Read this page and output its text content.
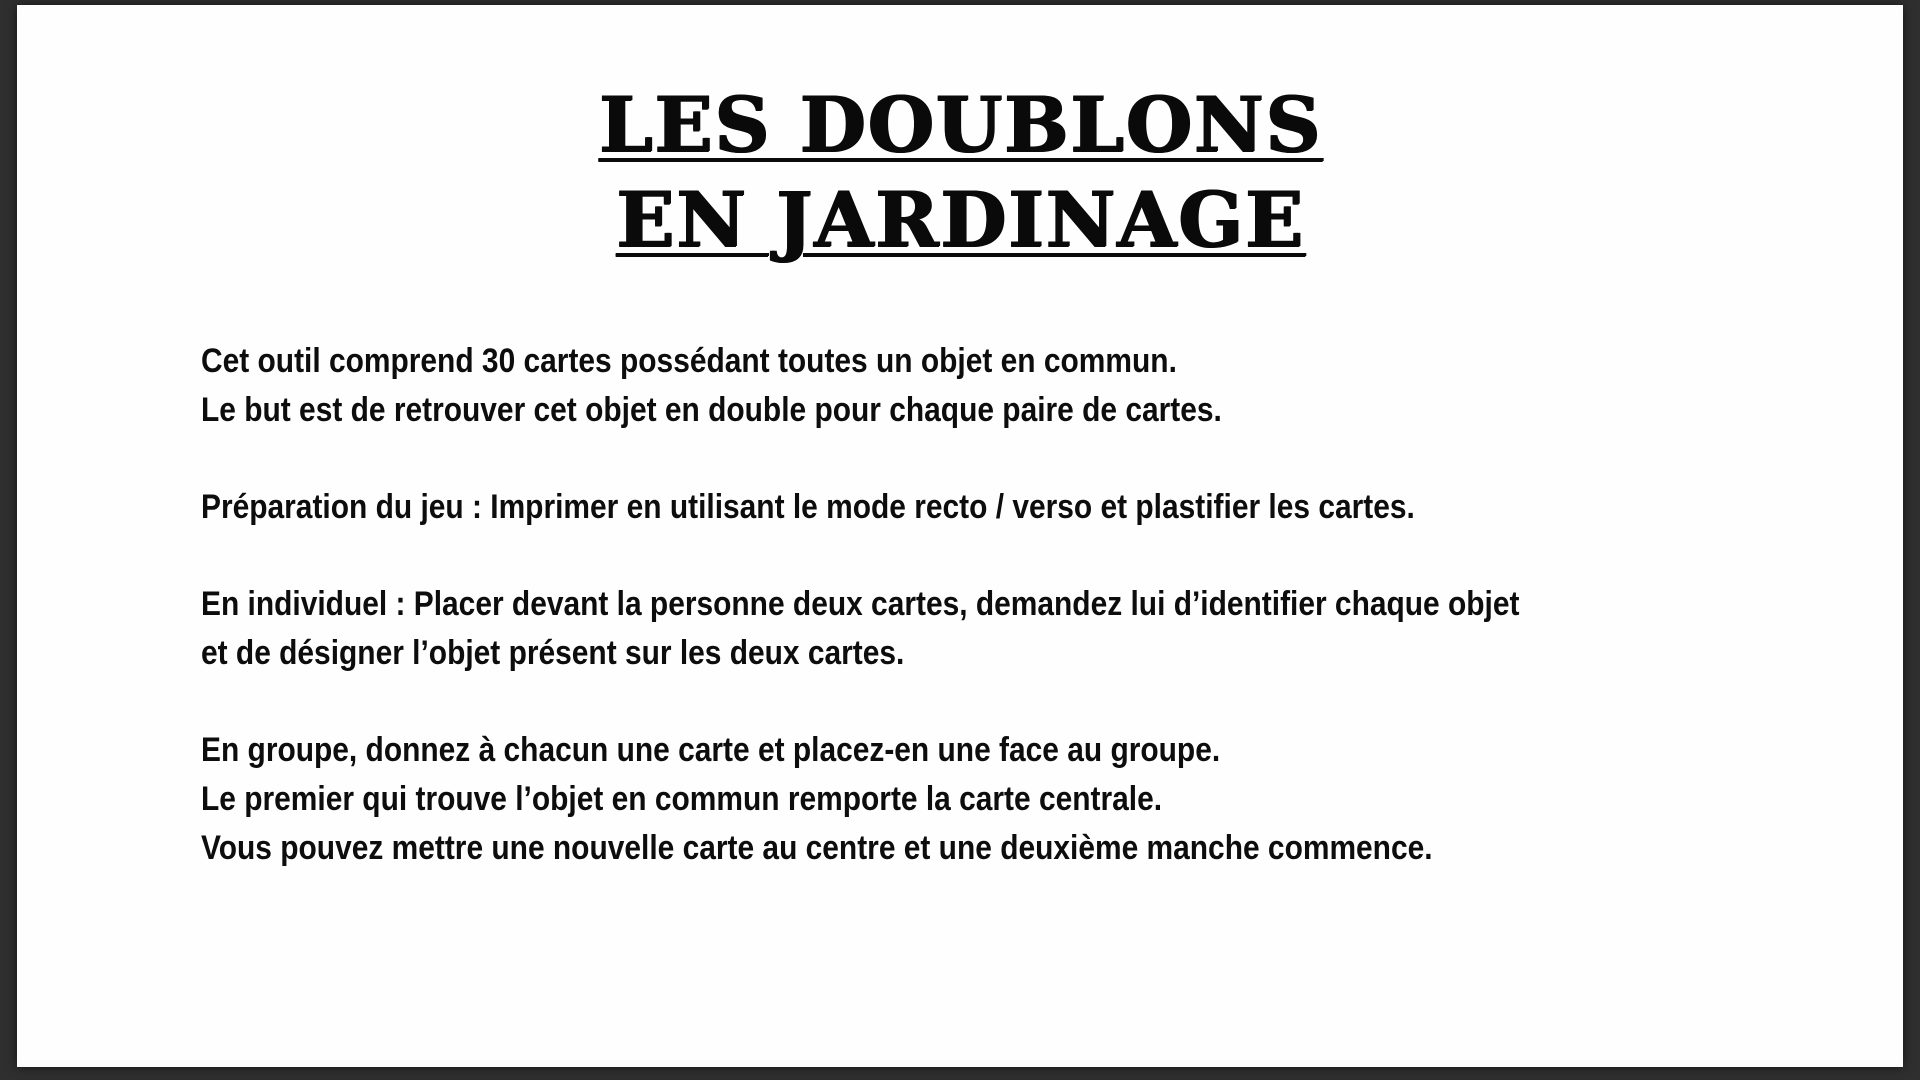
LES DOUBLONS
EN JARDINAGE

Cet outil comprend 30 cartes possédant toutes un objet en commun.
Le but est de retrouver cet objet en double pour chaque paire de cartes.

Préparation du jeu : Imprimer en utilisant le mode recto / verso et plastifier les cartes.

En individuel : Placer devant la personne deux cartes, demandez lui d’identifier chaque objet
et de désigner l’objet présent sur les deux cartes.

En groupe, donnez à chacun une carte et placez-en une face au groupe.
Le premier qui trouve l’objet en commun remporte la carte centrale.
Vous pouvez mettre une nouvelle carte au centre et une deuxième manche commence.
